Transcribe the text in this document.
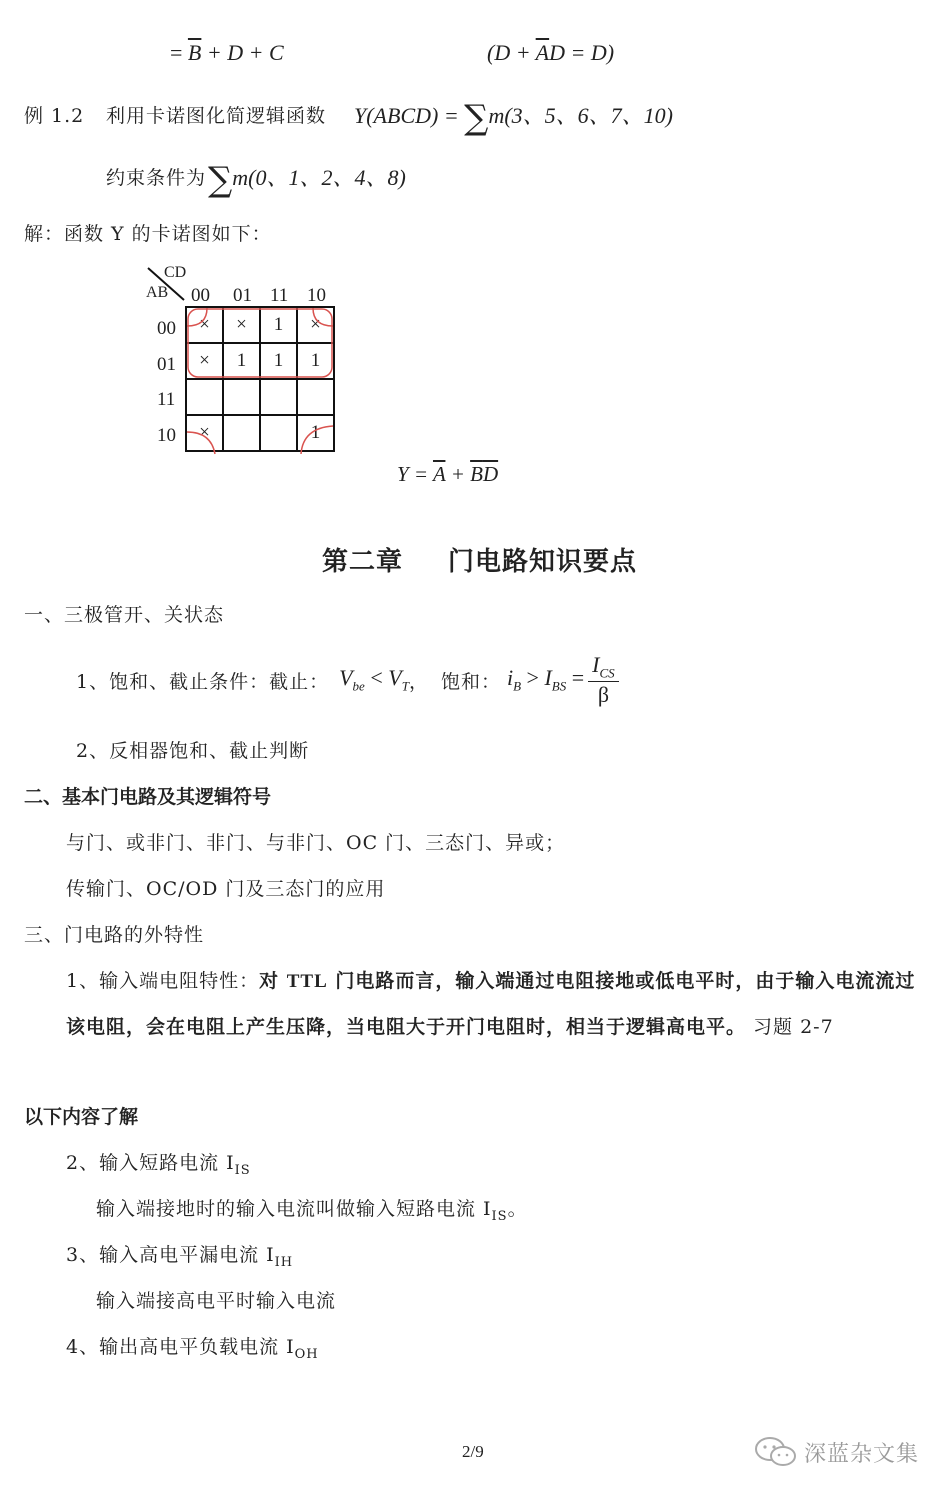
= $\overline{B} + D + C$	$(D + \overline{A}D = D)$
例 1.2 利用卡诺图化简逻辑函数 Y(ABCD) = ∑m(3、5、6、7、10)
约束条件为 ∑m(0、1、2、4、8)
解：函数 Y 的卡诺图如下：
CD
AB 00 01 11 10
00
01
11
10
×	×	1	×
×	1	1	1

×			1
$Y = \overline{A} + \overline{B}\overline{D}$
第二章 门电路知识要点
一、三极管开、关状态
1、饱和、截止条件：截止： $V_{be} < V_T$ ， 饱和： $i_B > I_{BS} = \frac{I_{CS}}{\beta}$
2、反相器饱和、截止判断
二、基本门电路及其逻辑符号
与门、或非门、非门、与非门、OC 门、三态门、异或；
传输门、OC/OD 门及三态门的应用
三、门电路的外特性
1、输入端电阻特性：对 TTL 门电路而言，输入端通过电阻接地或低电平时，由于输入电流流过
该电阻，会在电阻上产生压降，当电阻大于开门电阻时，相当于逻辑高电平。 习题 2-7
以下内容了解
2、输入短路电流 $I_{IS}$
输入端接地时的输入电流叫做输入短路电流 $I_{IS}$。
3、输入高电平漏电流 $I_{IH}$
输入端接高电平时输入电流
4、输出高电平负载电流 $I_{OH}$
2/9	深蓝杂文集
